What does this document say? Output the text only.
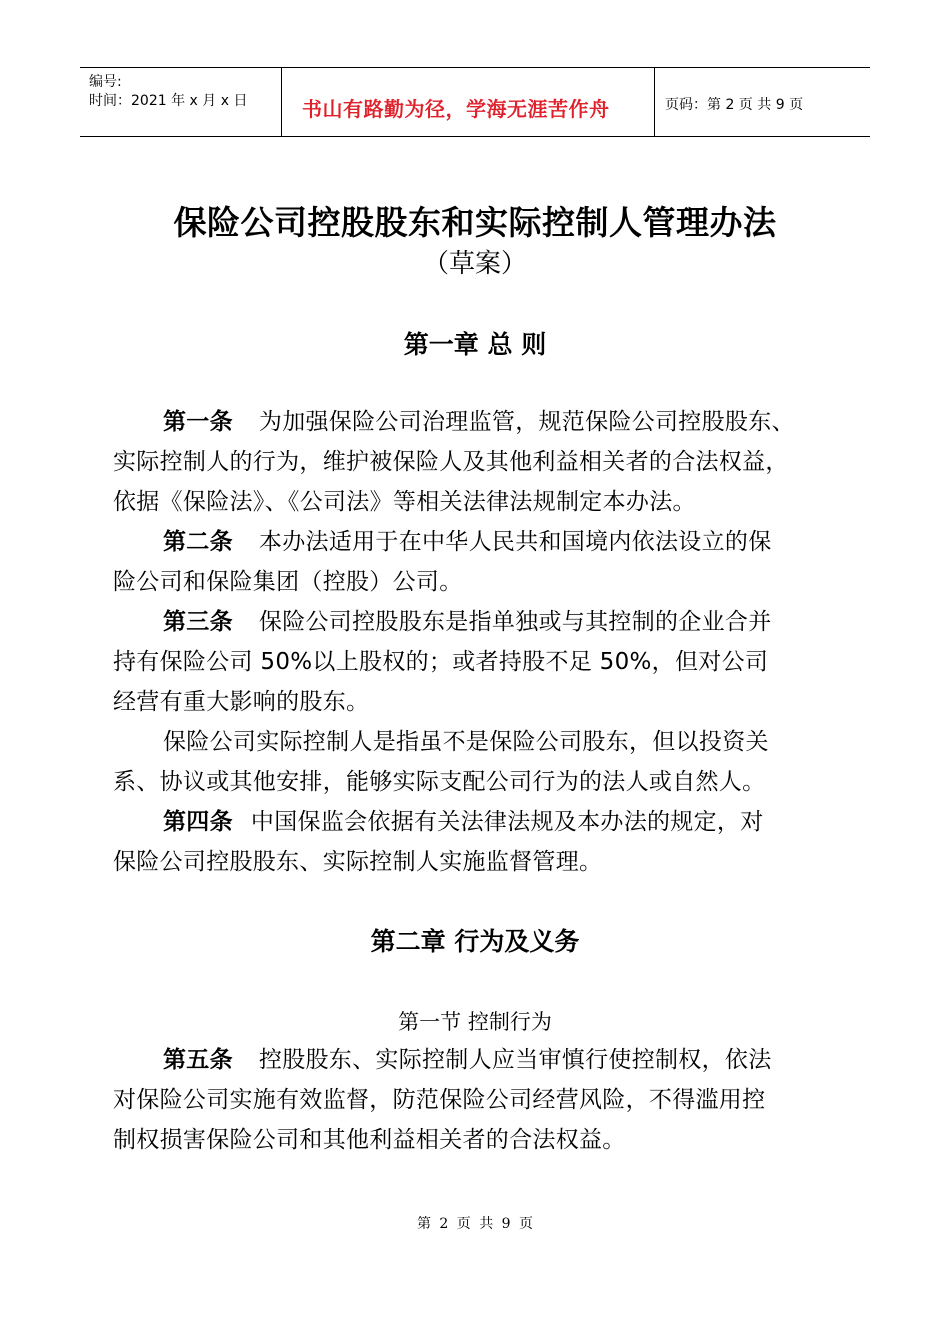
编号:
时间：2021 年 x 月 x 日	书山有路勤为径，学海无涯苦作舟	页码：第 2 页 共 9 页
保险公司控股股东和实际控制人管理办法
（草案）
第一章 总 则
第一条 为加强保险公司治理监管，规范保险公司控股股东、
实际控制人的行为，维护被保险人及其他利益相关者的合法权益，
依据《保险法》、《公司法》等相关法律法规制定本办法。
第二条 本办法适用于在中华人民共和国境内依法设立的保
险公司和保险集团（控股）公司。
第三条 保险公司控股股东是指单独或与其控制的企业合并
持有保险公司 50%以上股权的；或者持股不足 50%，但对公司
经营有重大影响的股东。
保险公司实际控制人是指虽不是保险公司股东，但以投资关
系、协议或其他安排，能够实际支配公司行为的法人或自然人。
第四条 中国保监会依据有关法律法规及本办法的规定，对
保险公司控股股东、实际控制人实施监督管理。
第二章 行为及义务
第一节 控制行为
第五条 控股股东、实际控制人应当审慎行使控制权，依法
对保险公司实施有效监督，防范保险公司经营风险，不得滥用控
制权损害保险公司和其他利益相关者的合法权益。
第 2 页 共 9 页
